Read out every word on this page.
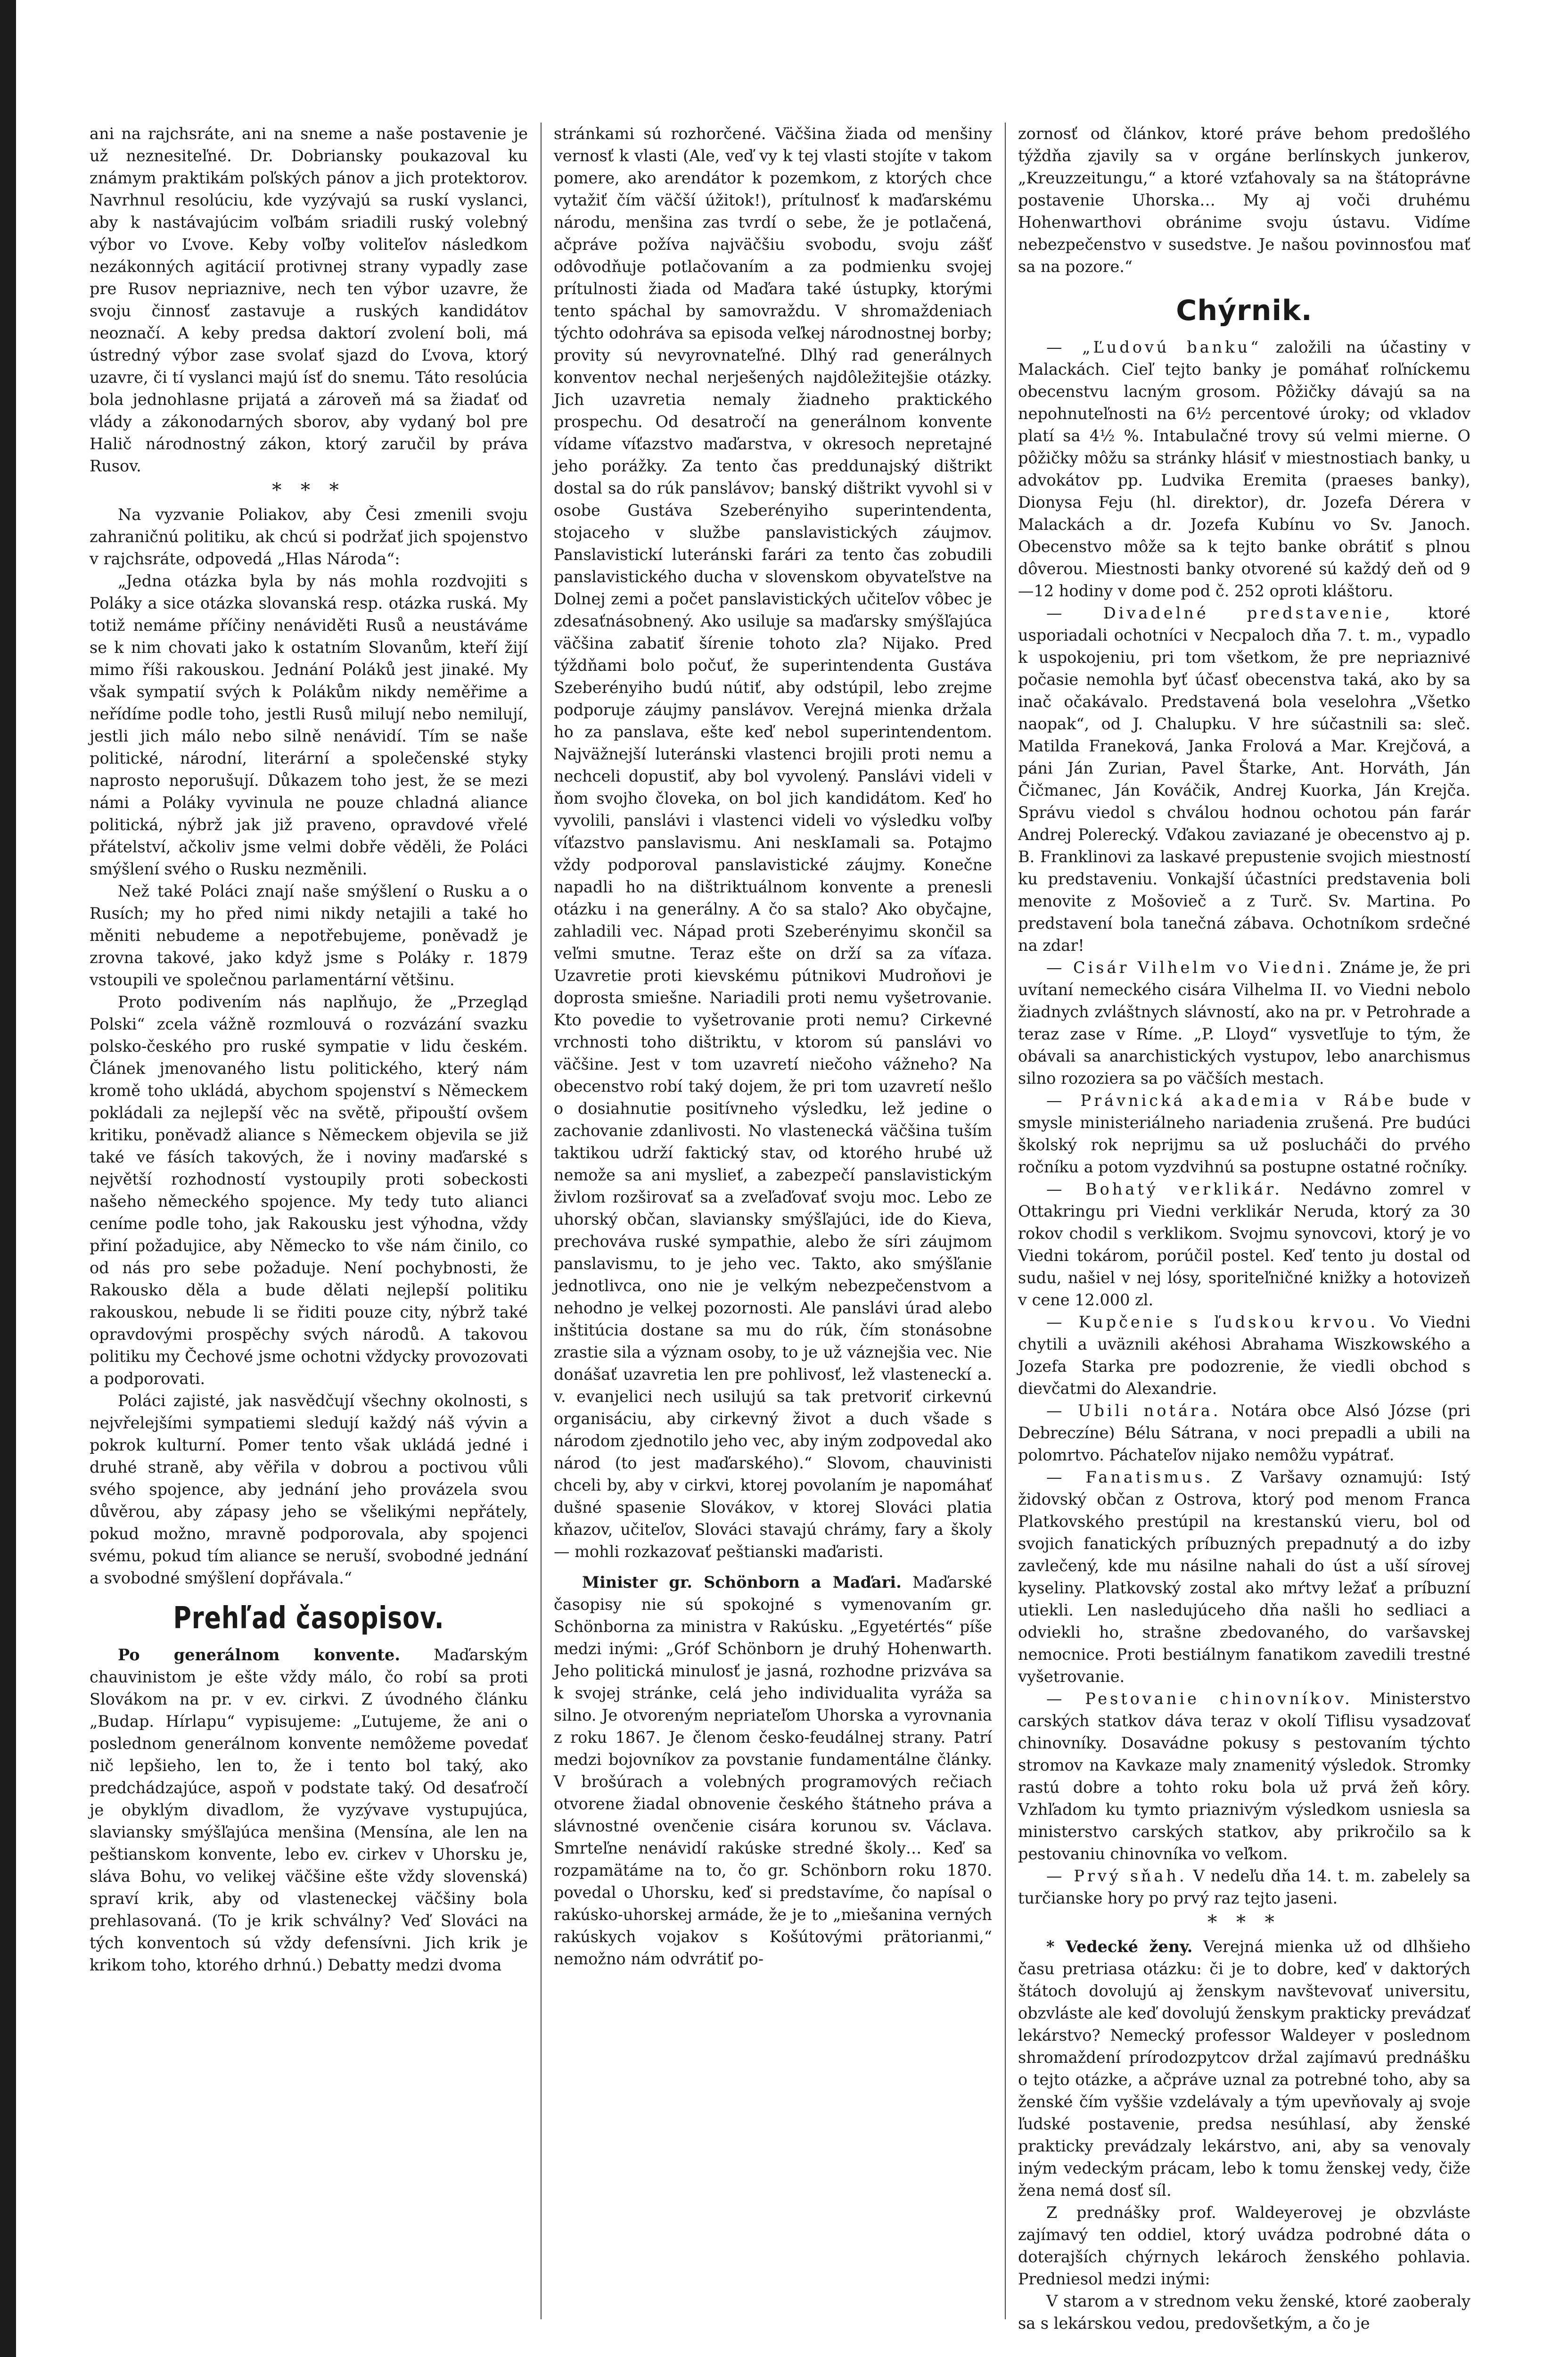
ani na rajchsráte, ani na sneme a naše postavenie je už neznesiteľné. Dr. Dobriansky poukazoval ku známym praktikám poľských pánov a jich protektorov. Navrhnul resolúciu, kde vyzývajú sa ruskí vyslanci, aby k nastávajúcim voľbám sriadili ruský volebný výbor vo Ľvove. Keby voľby voliteľov následkom nezákonných agitácií protivnej strany vypadly zase pre Rusov nepriaznive, nech ten výbor uzavre, že svoju činnosť zastavuje a ruských kandidátov neoznačí. A keby predsa daktorí zvolení boli, má ústredný výbor zase svolať sjazd do Ľvova, ktorý uzavre, či tí vyslanci majú ísť do snemu. Táto resolúcia bola jednohlasne prijatá a zároveň má sa žiadať od vlády a zákonodarných sborov, aby vydaný bol pre Halič národnostný zákon, ktorý zaručil by práva Rusov.

* * *

Na vyzvanie Poliakov, aby Česi zmenili svoju zahraničnú politiku, ak chcú si podržať jich spojenstvo v rajchsráte, odpovedá „Hlas Národa“:

„Jedna otázka byla by nás mohla rozdvojiti s Poláky a sice otázka slovanská resp. otázka ruská. My totiž nemáme příčiny nenáviděti Rusů a neustáváme se k nim chovati jako k ostatním Slovanům, kteří žijí mimo říši rakouskou. Jednání Poláků jest jinaké. My však sympatií svých k Polákům nikdy neměřime a neřídíme podle toho, jestli Rusů milují nebo nemilují, jestli jich málo nebo silně nenávidí. Tím se naše politické, národní, literární a společenské styky naprosto neporušují. Důkazem toho jest, že se mezi námi a Poláky vyvinula ne pouze chladná aliance politická, nýbrž jak již praveno, opravdové vřelé přátelství, ačkoliv jsme velmi dobře věděli, že Poláci smýšlení svého o Rusku nezměnili.

Než také Poláci znají naše smýšlení o Rusku a o Rusích; my ho před nimi nikdy netajili a také ho měniti nebudeme a nepotřebujeme, poněvadž je zrovna takové, jako když jsme s Poláky r. 1879 vstoupili ve společnou parlamentární většinu.

Proto podivením nás naplňujo, že „Przegląd Polski“ zcela vážně rozmlouvá o rozvázání svazku polsko-českého pro ruské sympatie v lidu českém. Článek jmenovaného listu politického, který nám kromě toho ukládá, abychom spojenství s Německem pokládali za nejlepší věc na světě, připouští ovšem kritiku, poněvadž aliance s Německem objevila se již také ve fásích takových, že i noviny maďarské s největší rozhodností vystoupily proti sobeckosti našeho německého spojence. My tedy tuto alianci ceníme podle toho, jak Rakousku jest výhodna, vždy přiní požadujice, aby Německo to vše nám činilo, co od nás pro sebe požaduje. Není pochybnosti, že Rakousko děla a bude dělati nejlepší politiku rakouskou, nebude li se řiditi pouze city, nýbrž také opravdovými prospěchy svých národů. A takovou politiku my Čechové jsme ochotni vždycky provozovati a podporovati.

Poláci zajisté, jak nasvědčují všechny okolnosti, s nejvřelejšími sympatiemi sledují každý náš vývin a pokrok kulturní. Pomer tento však ukládá jedné i druhé straně, aby věřila v dobrou a poctivou vůli svého spojence, aby jednání jeho provázela svou důvěrou, aby zápasy jeho se všelikými nepřátely, pokud možno, mravně podporovala, aby spojenci svému, pokud tím aliance se neruší, svobodné jednání a svobodné smýšlení dopřávala.“

Prehľad časopisov.

Po generálnom konvente. Maďarským chauvinistom je ešte vždy málo, čo robí sa proti Slovákom na pr. v ev. cirkvi. Z úvodného článku „Budap. Hírlapu“ vypisujeme: „Ľutujeme, že ani o poslednom generálnom konvente nemôžeme povedať nič lepšieho, len to, že i tento bol taký, ako predchádzajúce, aspoň v podstate taký. Od desaťročí je obyklým divadlom, že vyzývave vystupujúca, slaviansky smýšľajúca menšina (Mensína, ale len na peštianskom konvente, lebo ev. cirkev v Uhorsku je, sláva Bohu, vo velikej väčšine ešte vždy slovenská) spraví krik, aby od vlasteneckej väčšiny bola prehlasovaná. (To je krik schválny? Veď Slováci na tých konventoch sú vždy defensívni. Jich krik je krikom toho, ktorého drhnú.) Debatty medzi dvoma

stránkami sú rozhorčené. Väčšina žiada od menšiny vernosť k vlasti (Ale, veď vy k tej vlasti stojíte v takom pomere, ako arendátor k pozemkom, z ktorých chce vytažiť čím väčší úžitok!), prítulnosť k maďarskému národu, menšina zas tvrdí o sebe, že je potlačená, ačpráve požíva najväčšiu svobodu, svoju zášť odôvodňuje potlačovaním a za podmienku svojej prítulnosti žiada od Maďara také ústupky, ktorými tento spáchal by samovraždu. V shromaždeniach týchto odohráva sa episoda veľkej národnostnej borby; provity sú nevyrovnateľné. Dlhý rad generálnych konventov nechal nerješených najdôležitejšie otázky. Jich uzavretia nemaly žiadneho praktického prospechu. Od desatročí na generálnom konvente vídame víťazstvo maďarstva, v okresoch nepretajné jeho porážky. Za tento čas preddunajský dištrikt dostal sa do rúk panslávov; banský dištrikt vyvohl si v osobe Gustáva Szeberényiho superintendenta, stojaceho v službe panslavistických záujmov. Panslavistickí luteránski farári za tento čas zobudili panslavistického ducha v slovenskom obyvateľstve na Dolnej zemi a počet panslavistických učiteľov vôbec je zdesaťnásobnený. Ako usiluje sa maďarsky smýšľajúca väčšina zabatiť šírenie tohoto zla? Nijako. Pred týždňami bolo počuť, že superintendenta Gustáva Szeberényiho budú nútiť, aby odstúpil, lebo zrejme podporuje záujmy panslávov. Verejná mienka držala ho za panslava, ešte keď nebol superintendentom. Najväžnejší luteránski vlastenci brojili proti nemu a nechceli dopustiť, aby bol vyvolený. Panslávi videli v ňom svojho človeka, on bol jich kandidátom. Keď ho vyvolili, panslávi i vlastenci videli vo výsledku voľby víťazstvo panslavismu. Ani neskIamali sa. Potajmo vždy podporoval panslavistické záujmy. Konečne napadli ho na dištriktuálnom konvente a prenesli otázku i na generálny. A čo sa stalo? Ako obyčajne, zahladili vec. Nápad proti Szeberényimu skončil sa veľmi smutne. Teraz ešte on drží sa za víťaza. Uzavretie proti kievskému pútnikovi Mudroňovi je doprosta smiešne. Nariadili proti nemu vyšetrovanie. Kto povedie to vyšetrovanie proti nemu? Cirkevné vrchnosti toho dištriktu, v ktorom sú panslávi vo väčšine. Jest v tom uzavretí niečoho vážneho? Na obecenstvo robí taký dojem, že pri tom uzavretí nešlo o dosiahnutie positívneho výsledku, lež jedine o zachovanie zdanlivosti. No vlastenecká väčšina tuším taktikou udrží faktický stav, od ktorého hrubé už nemože sa ani myslieť, a zabezpečí panslavistickým živlom rozširovať sa a zveľaďovať svoju moc. Lebo ze uhorský občan, slaviansky smýšľajúci, ide do Kieva, prechováva ruské sympathie, alebo že síri záujmom panslavismu, to je jeho vec. Takto, ako smýšľanie jednotlivca, ono nie je velkým nebezpečenstvom a nehodno je velkej pozornosti. Ale panslávi úrad alebo inštitúcia dostane sa mu do rúk, čím stonásobne zrastie sila a význam osoby, to je už váznejšia vec. Nie donášať uzavretia len pre pohlivosť, lež vlasteneckí a. v. evanjelici nech usilujú sa tak pretvoriť cirkevnú organisáciu, aby cirkevný život a duch všade s národom zjednotilo jeho vec, aby iným zodpovedal ako národ (to jest maďarského).“ Slovom, chauvinisti chceli by, aby v cirkvi, ktorej povolaním je napomáhať dušné spasenie Slovákov, v ktorej Slováci platia kňazov, učiteľov, Slováci stavajú chrámy, fary a školy — mohli rozkazovať peštianski maďaristi.

Minister gr. Schönborn a Maďari. Maďarské časopisy nie sú spokojné s vymenovaním gr. Schönborna za ministra v Rakúsku. „Egyetértés“ píše medzi inými: „Gróf Schönborn je druhý Hohenwarth. Jeho politická minulosť je jasná, rozhodne prizváva sa k svojej stránke, celá jeho individualita vyráža sa silno. Je otvoreným nepriateľom Uhorska a vyrovnania z roku 1867. Je členom česko-feudálnej strany. Patrí medzi bojovníkov za povstanie fundamentálne články. V brošúrach a volebných programových rečiach otvorene žiadal obnovenie českého štátneho práva a slávnostné ovenčenie cisára korunou sv. Václava. Smrteľne nenávidí rakúske stredné školy… Keď sa rozpamätáme na to, čo gr. Schönborn roku 1870. povedal o Uhorsku, keď si predstavíme, čo napísal o rakúsko-uhorskej armáde, že je to „miešanina verných rakúskych vojakov s Košútovými prätorianmi,“ nemožno nám odvrátiť po-

zornosť od článkov, ktoré práve behom predošlého týždňa zjavily sa v orgáne berlínskych junkerov, „Kreuzzeitungu,“ a ktoré vzťahovaly sa na štátoprávne postavenie Uhorska… My aj voči druhému Hohenwarthovi obránime svoju ústavu. Vidíme nebezpečenstvo v susedstve. Je našou povinnosťou mať sa na pozore.“

Chýrnik.

— „Ľudovú banku“ založili na účastiny v Malackách. Cieľ tejto banky je pomáhať roľníckemu obecenstvu lacným grosom. Pôžičky dávajú sa na nepohnuteľnosti na 6½ percentové úroky; od vkladov platí sa 4½ %. Intabulačné trovy sú velmi mierne. O pôžičky môžu sa stránky hlásiť v miestnostiach banky, u advokátov pp. Ludvika Eremita (praeses banky), Dionysa Feju (hl. direktor), dr. Jozefa Dérera v Malackách a dr. Jozefa Kubínu vo Sv. Janoch. Obecenstvo môže sa k tejto banke obrátiť s plnou dôverou. Miestnosti banky otvorené sú každý deň od 9—12 hodiny v dome pod č. 252 oproti kláštoru.

— Divadelné predstavenie, ktoré usporiadali ochotníci v Necpaloch dňa 7. t. m., vypadlo k uspokojeniu, pri tom všetkom, že pre nepriaznivé počasie nemohla byť účasť obecenstva taká, ako by sa inač očakávalo. Predstavená bola veselohra „Všetko naopak“, od J. Chalupku. V hre súčastnili sa: sleč. Matilda Franeková, Janka Frolová a Mar. Krejčová, a páni Ján Zurian, Pavel Štarke, Ant. Horváth, Ján Čičmanec, Ján Kováčik, Andrej Kuorka, Ján Krejča. Správu viedol s chválou hodnou ochotou pán farár Andrej Polerecký. Vďakou zaviazané je obecenstvo aj p. B. Franklinovi za laskavé prepustenie svojich miestností ku predstaveniu. Vonkajší účastníci predstavenia boli menovite z Mošovieč a z Turč. Sv. Martina. Po predstavení bola tanečná zábava. Ochotníkom srdečné na zdar!

— Cisár Vilhelm vo Viedni. Známe je, že pri uvítaní nemeckého cisára Vilhelma II. vo Viedni nebolo žiadnych zvláštnych slávností, ako na pr. v Petrohrade a teraz zase v Ríme. „P. Lloyd“ vysvetľuje to tým, že obávali sa anarchistických vystupov, lebo anarchismus silno rozoziera sa po väčších mestach.

— Právnická akademia v Rábe bude v smysle ministeriálneho nariadenia zrušená. Pre budúci školský rok neprijmu sa už poslucháči do prvého ročníku a potom vyzdvihnú sa postupne ostatné ročníky.

— Bohatý verklikár. Nedávno zomrel v Ottakringu pri Viedni verklikár Neruda, ktorý za 30 rokov chodil s verklikom. Svojmu synovcovi, ktorý je vo Viedni tokárom, porúčil postel. Keď tento ju dostal od sudu, našiel v nej lósy, sporiteľničné knižky a hotovizeň v cene 12.000 zl.

— Kupčenie s ľudskou krvou. Vo Viedni chytili a uväznili akéhosi Abrahama Wiszkowského a Jozefa Starka pre podozrenie, že viedli obchod s dievčatmi do Alexandrie.

— Ubili notára. Notára obce Alsó Józse (pri Debreczíne) Bélu Sátrana, v noci prepadli a ubili na polomrtvo. Páchateľov nijako nemôžu vypátrať.

— Fanatismus. Z Varšavy oznamujú: Istý židovský občan z Ostrova, ktorý pod menom Franca Platkovského prestúpil na krestanskú vieru, bol od svojich fanatických príbuzných prepadnutý a do izby zavlečený, kde mu násilne nahali do úst a uší sírovej kyseliny. Platkovský zostal ako mŕtvy ležať a príbuzní utiekli. Len nasledujúceho dňa našli ho sedliaci a odviekli ho, strašne zbedovaného, do varšavskej nemocnice. Proti bestiálnym fanatikom zavedili trestné vyšetrovanie.

— Pestovanie chinovníkov. Ministerstvo carských statkov dáva teraz v okolí Tiflisu vysadzovať chinovníky. Dosavádne pokusy s pestovaním týchto stromov na Kavkaze maly znamenitý výsledok. Stromky rastú dobre a tohto roku bola už prvá žeň kôry. Vzhľadom ku tymto priaznivým výsledkom usniesla sa ministerstvo carských statkov, aby prikročilo sa k pestovaniu chinovníka vo veľkom.

— Prvý sňah. V nedeľu dňa 14. t. m. zabelely sa turčianske hory po prvý raz tejto jaseni.

* * *

* Vedecké ženy. Verejná mienka už od dlhšieho času pretriasa otázku: či je to dobre, keď v daktorých štátoch dovolujú aj ženskym navštevovať universitu, obzvláste ale keď dovolujú ženskym prakticky prevádzať lekárstvo? Nemecký professor Waldeyer v poslednom shromaždení prírodozpytcov držal zajímavú prednášku o tejto otázke, a ačpráve uznal za potrebné toho, aby sa ženské čím vyššie vzdelávaly a tým upevňovaly aj svoje ľudské postavenie, predsa nesúhlasí, aby ženské prakticky prevádzaly lekárstvo, ani, aby sa venovaly iným vedeckým prácam, lebo k tomu ženskej vedy, čiže žena nemá dosť síl.

Z prednášky prof. Waldeyerovej je obzvláste zajímavý ten oddiel, ktorý uvádza podrobné dáta o doterajších chýrnych lekároch ženského pohlavia. Predniesol medzi inými:

V starom a v strednom veku ženské, ktoré zaoberaly sa s lekárskou vedou, predovšetkým, a čo je
